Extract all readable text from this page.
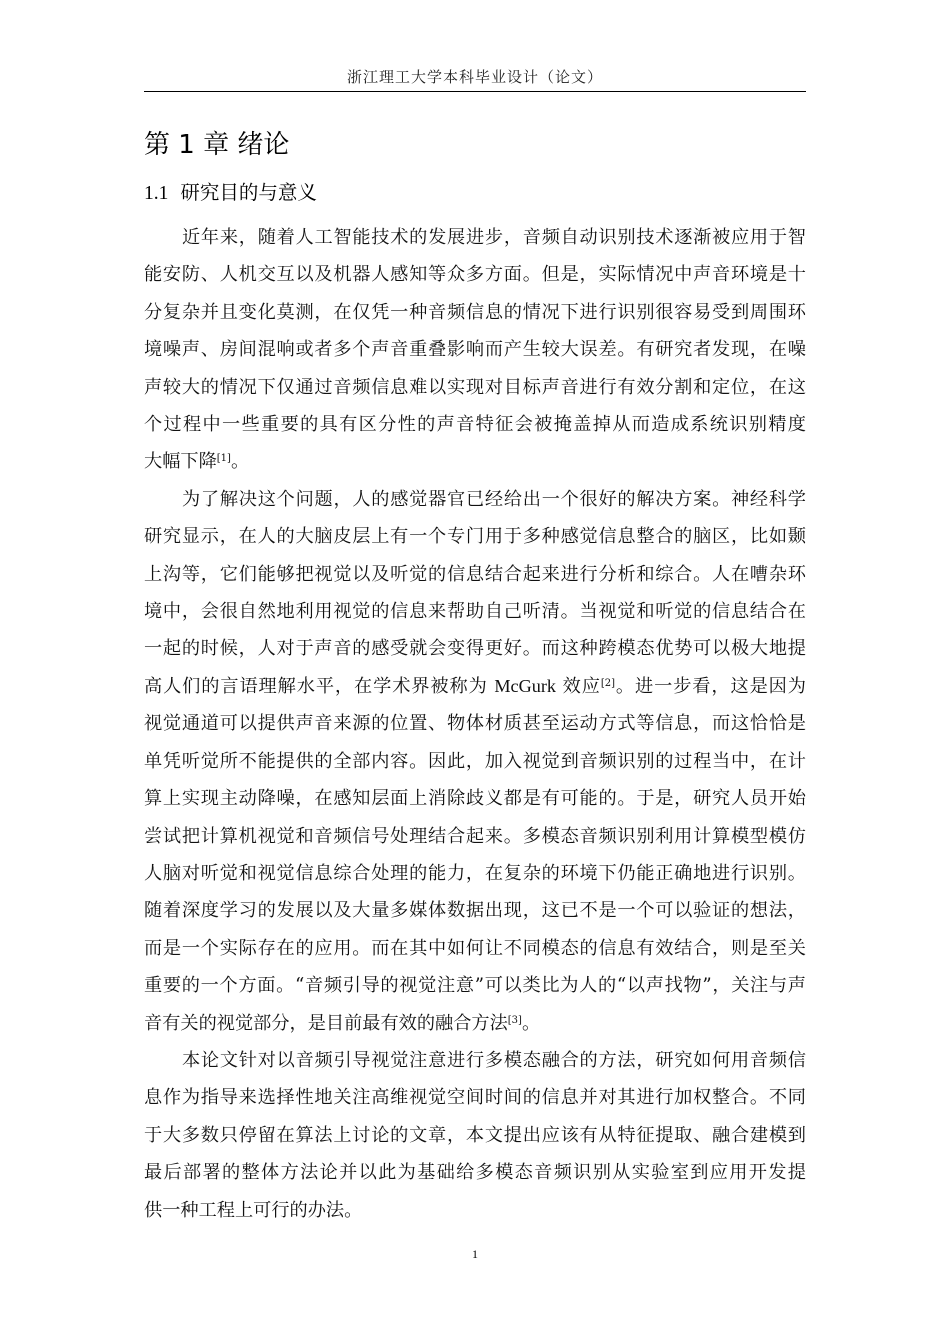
浙江理工大学本科毕业设计（论文）
第 1 章 绪论
1.1 研究目的与意义

近年来，随着人工智能技术的发展进步，音频自动识别技术逐渐被应用于智
能安防、人机交互以及机器人感知等众多方面。但是，实际情况中声音环境是十
分复杂并且变化莫测，在仅凭一种音频信息的情况下进行识别很容易受到周围环
境噪声、房间混响或者多个声音重叠影响而产生较大误差。有研究者发现，在噪
声较大的情况下仅通过音频信息难以实现对目标声音进行有效分割和定位，在这
个过程中一些重要的具有区分性的声音特征会被掩盖掉从而造成系统识别精度
大幅下降[1]。

为了解决这个问题，人的感觉器官已经给出一个很好的解决方案。神经科学
研究显示，在人的大脑皮层上有一个专门用于多种感觉信息整合的脑区，比如颞
上沟等，它们能够把视觉以及听觉的信息结合起来进行分析和综合。人在嘈杂环
境中，会很自然地利用视觉的信息来帮助自己听清。当视觉和听觉的信息结合在
一起的时候，人对于声音的感受就会变得更好。而这种跨模态优势可以极大地提
高人们的言语理解水平，在学术界被称为 McGurk 效应[2]。进一步看，这是因为
视觉通道可以提供声音来源的位置、物体材质甚至运动方式等信息，而这恰恰是
单凭听觉所不能提供的全部内容。因此，加入视觉到音频识别的过程当中，在计
算上实现主动降噪，在感知层面上消除歧义都是有可能的。于是，研究人员开始
尝试把计算机视觉和音频信号处理结合起来。多模态音频识别利用计算模型模仿
人脑对听觉和视觉信息综合处理的能力，在复杂的环境下仍能正确地进行识别。
随着深度学习的发展以及大量多媒体数据出现，这已不是一个可以验证的想法，
而是一个实际存在的应用。而在其中如何让不同模态的信息有效结合，则是至关
重要的一个方面。“音频引导的视觉注意”可以类比为人的“以声找物”，关注与声
音有关的视觉部分，是目前最有效的融合方法[3]。

本论文针对以音频引导视觉注意进行多模态融合的方法，研究如何用音频信
息作为指导来选择性地关注高维视觉空间时间的信息并对其进行加权整合。不同
于大多数只停留在算法上讨论的文章，本文提出应该有从特征提取、融合建模到
最后部署的整体方法论并以此为基础给多模态音频识别从实验室到应用开发提
供一种工程上可行的办法。

1
